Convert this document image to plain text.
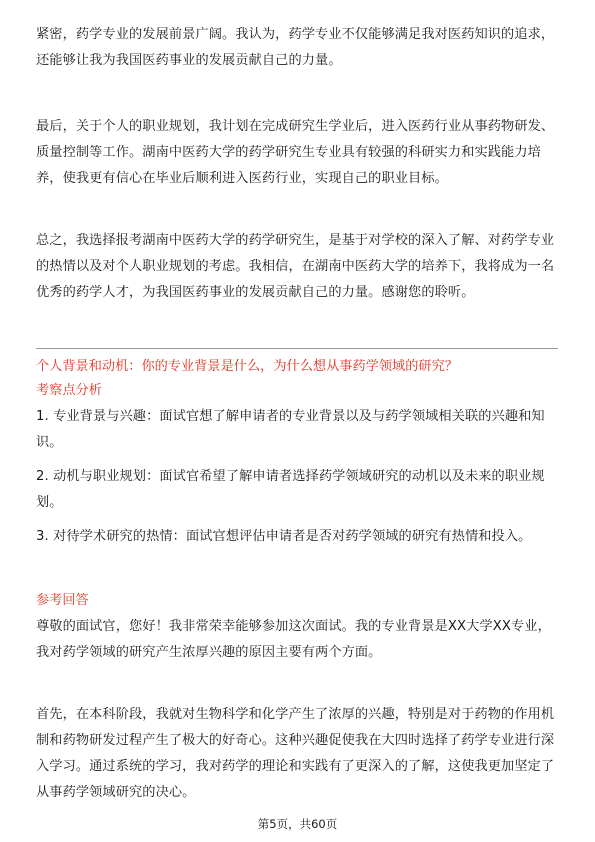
紧密，药学专业的发展前景广阔。我认为，药学专业不仅能够满足我对医药知识的追求，还能够让我为我国医药事业的发展贡献自己的力量。

最后，关于个人的职业规划，我计划在完成研究生学业后，进入医药行业从事药物研发、质量控制等工作。湖南中医药大学的药学研究生专业具有较强的科研实力和实践能力培养，使我更有信心在毕业后顺利进入医药行业，实现自己的职业目标。

总之，我选择报考湖南中医药大学的药学研究生，是基于对学校的深入了解、对药学专业的热情以及对个人职业规划的考虑。我相信，在湖南中医药大学的培养下，我将成为一名优秀的药学人才，为我国医药事业的发展贡献自己的力量。感谢您的聆听。

个人背景和动机：你的专业背景是什么，为什么想从事药学领域的研究？

考察点分析

1. 专业背景与兴趣：面试官想了解申请者的专业背景以及与药学领域相关联的兴趣和知识。

2. 动机与职业规划：面试官希望了解申请者选择药学领域研究的动机以及未来的职业规划。

3. 对待学术研究的热情：面试官想评估申请者是否对药学领域的研究有热情和投入。

参考回答

尊敬的面试官，您好！我非常荣幸能够参加这次面试。我的专业背景是XX大学XX专业，我对药学领域的研究产生浓厚兴趣的原因主要有两个方面。

首先，在本科阶段，我就对生物科学和化学产生了浓厚的兴趣，特别是对于药物的作用机制和药物研发过程产生了极大的好奇心。这种兴趣促使我在大四时选择了药学专业进行深入学习。通过系统的学习，我对药学的理论和实践有了更深入的了解，这使我更加坚定了从事药学领域研究的决心。

第5页，共60页
